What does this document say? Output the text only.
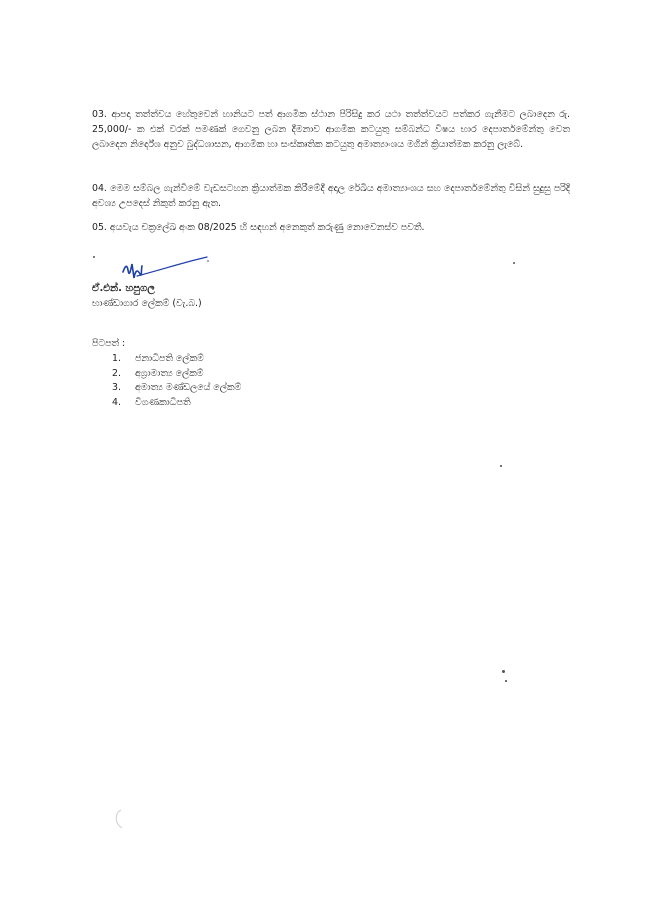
03. ආපදා තත්ත්වය හේතුවෙන් හානියට පත් ආගමික ස්ථාන පිරිසිදු කර යථා තත්ත්වයට පත්කර ගැනීමට ලබාදෙන රු. 25,000/- ක එක් වරක් පමණක් ගෙවනු ලබන දීමනාව ආගමික කටයුතු සම්බන්ධ විෂය භාර දෙපාර්තමේන්තු වෙත ලබාදෙන නිර්දේශ අනුව බුද්ධශාසන, ආගමික හා සංස්කෘතික කටයුතු අමාත්‍යාංශය මගින් ක්‍රියාත්මක කරනු ලැබේ.

04. මෙම සම්බල ගැන්වීමේ වැඩසටහන ක්‍රියාත්මක කිරීමේදී අදාල රේඛීය අමාත්‍යාංශය සහ දෙපාර්තමේන්තු විසින් සුදුසු පරිදි අවශ්‍ය උපදෙස් නිකුත් කරනු ඇත.

05. අයවැය චක්‍රලේඛ අංක 08/2025 හි සඳහන් අනෙකුත් කරුණු නොවෙනස්ව පවතී.

ඒ.එන්. හපුගල
භාණ්ඩාගාර ලේකම් (වැ.බ.)
පිටපත් :
1. ජනාධිපති ලේකම්
2. අග්‍රාමාත්‍ය ලේකම්
3. අමාත්‍ය මණ්ඩලයේ ලේකම්
4. විගණකාධිපති
